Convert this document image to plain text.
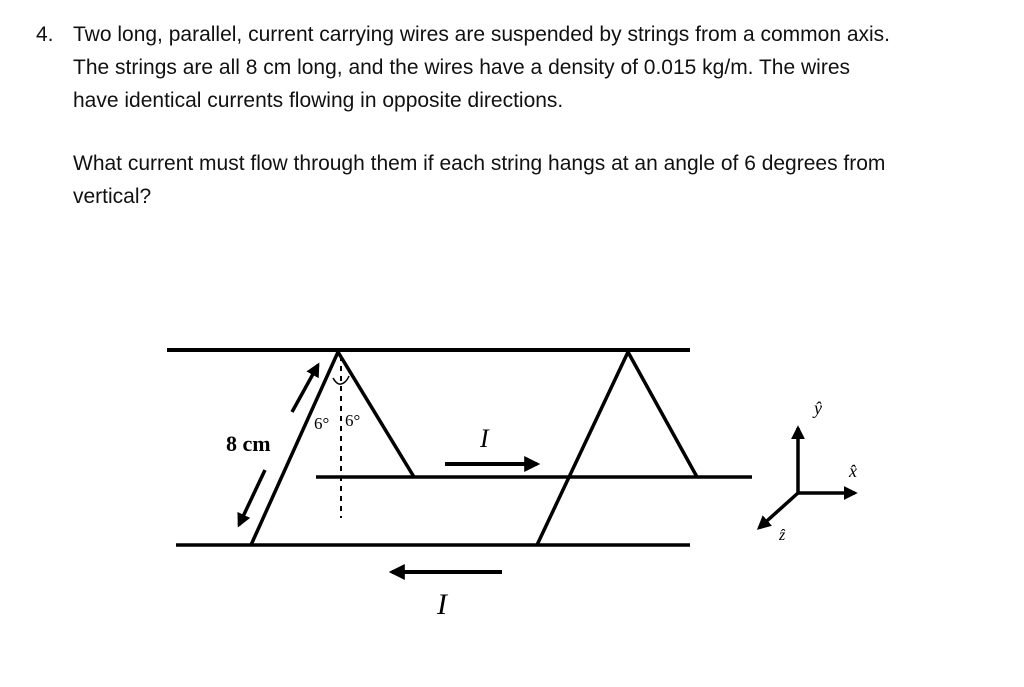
4. Two long, parallel, current carrying wires are suspended by strings from a common axis.
The strings are all 8 cm long, and the wires have a density of 0.015 kg/m. The wires
have identical currents flowing in opposite directions.

What current must flow through them if each string hangs at an angle of 6 degrees from
vertical?

6° 6°
8 cm	I
I
ŷ
x̂
ẑ
